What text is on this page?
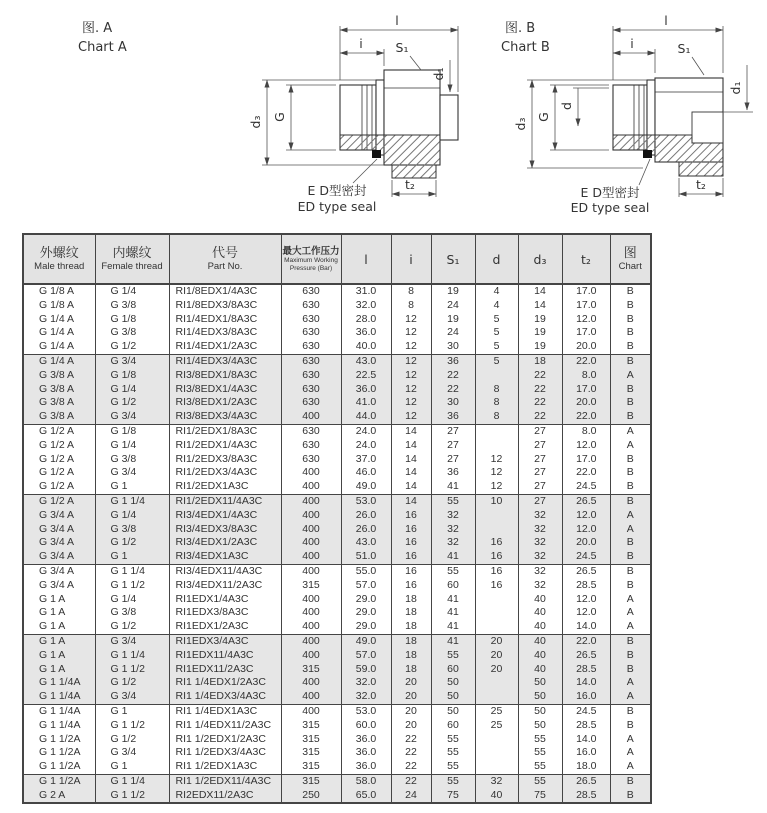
图. A
Chart A
l
i	S₁
d₃ G
d₁
t₂
E D型密封
ED type seal
图. B
Chart B
l
i	S₁
d₃
G
d
d₁
t₂
E D型密封
ED type seal
外螺纹
Male thread

内螺纹
Female thread

代号
Part No.

最大工作压力
Maximum Working
Pressure (Bar)

l	i	S₁	d	d₃	t₂	图
Chart

G 1/8 A	G 1/4	RI1/8EDX1/4A3C	630	31.0	8	19	4	14	17.0	B
G 1/8 A	G 3/8	RI1/8EDX3/8A3C	630	32.0	8	24	4	14	17.0	B
G 1/4 A	G 1/8	RI1/4EDX1/8A3C	630	28.0	12	19	5	19	12.0	B
G 1/4 A	G 3/8	RI1/4EDX3/8A3C	630	36.0	12	24	5	19	17.0	B
G 1/4 A	G 1/2	RI1/4EDX1/2A3C	630	40.0	12	30	5	19	20.0	B
G 1/4 A	G 3/4	RI1/4EDX3/4A3C	630	43.0	12	36	5	18	22.0	B
G 3/8 A	G 1/8	RI3/8EDX1/8A3C	630	22.5	12	22		22	8.0	A
G 3/8 A	G 1/4	RI3/8EDX1/4A3C	630	36.0	12	22	8	22	17.0	B
G 3/8 A	G 1/2	RI3/8EDX1/2A3C	630	41.0	12	30	8	22	20.0	B
G 3/8 A	G 3/4	RI3/8EDX3/4A3C	400	44.0	12	36	8	22	22.0	B
G 1/2 A	G 1/8	RI1/2EDX1/8A3C	630	24.0	14	27		27	8.0	A
G 1/2 A	G 1/4	RI1/2EDX1/4A3C	630	24.0	14	27		27	12.0	A
G 1/2 A	G 3/8	RI1/2EDX3/8A3C	630	37.0	14	27	12	27	17.0	B
G 1/2 A	G 3/4	RI1/2EDX3/4A3C	400	46.0	14	36	12	27	22.0	B
G 1/2 A	G 1	RI1/2EDX1A3C	400	49.0	14	41	12	27	24.5	B
G 1/2 A	G 1 1/4	RI1/2EDX11/4A3C	400	53.0	14	55	10	27	26.5	B
G 3/4 A	G 1/4	RI3/4EDX1/4A3C	400	26.0	16	32		32	12.0	A
G 3/4 A	G 3/8	RI3/4EDX3/8A3C	400	26.0	16	32		32	12.0	A
G 3/4 A	G 1/2	RI3/4EDX1/2A3C	400	43.0	16	32	16	32	20.0	B
G 3/4 A	G 1	RI3/4EDX1A3C	400	51.0	16	41	16	32	24.5	B
G 3/4 A	G 1 1/4	RI3/4EDX11/4A3C	400	55.0	16	55	16	32	26.5	B
G 3/4 A	G 1 1/2	RI3/4EDX11/2A3C	315	57.0	16	60	16	32	28.5	B
G 1 A	G 1/4	RI1EDX1/4A3C	400	29.0	18	41		40	12.0	A
G 1 A	G 3/8	RI1EDX3/8A3C	400	29.0	18	41		40	12.0	A
G 1 A	G 1/2	RI1EDX1/2A3C	400	29.0	18	41		40	14.0	A
G 1 A	G 3/4	RI1EDX3/4A3C	400	49.0	18	41	20	40	22.0	B
G 1 A	G 1 1/4	RI1EDX11/4A3C	400	57.0	18	55	20	40	26.5	B
G 1 A	G 1 1/2	RI1EDX11/2A3C	315	59.0	18	60	20	40	28.5	B
G 1 1/4A	G 1/2	RI1 1/4EDX1/2A3C	400	32.0	20	50		50	14.0	A
G 1 1/4A	G 3/4	RI1 1/4EDX3/4A3C	400	32.0	20	50		50	16.0	A
G 1 1/4A	G 1	RI1 1/4EDX1A3C	400	53.0	20	50	25	50	24.5	B
G 1 1/4A	G 1 1/2	RI1 1/4EDX11/2A3C	315	60.0	20	60	25	50	28.5	B
G 1 1/2A	G 1/2	RI1 1/2EDX1/2A3C	315	36.0	22	55		55	14.0	A
G 1 1/2A	G 3/4	RI1 1/2EDX3/4A3C	315	36.0	22	55		55	16.0	A
G 1 1/2A	G 1	RI1 1/2EDX1A3C	315	36.0	22	55		55	18.0	A
G 1 1/2A	G 1 1/4	RI1 1/2EDX11/4A3C	315	58.0	22	55	32	55	26.5	B
G 2 A	G 1 1/2	RI2EDX11/2A3C	250	65.0	24	75	40	75	28.5	B
